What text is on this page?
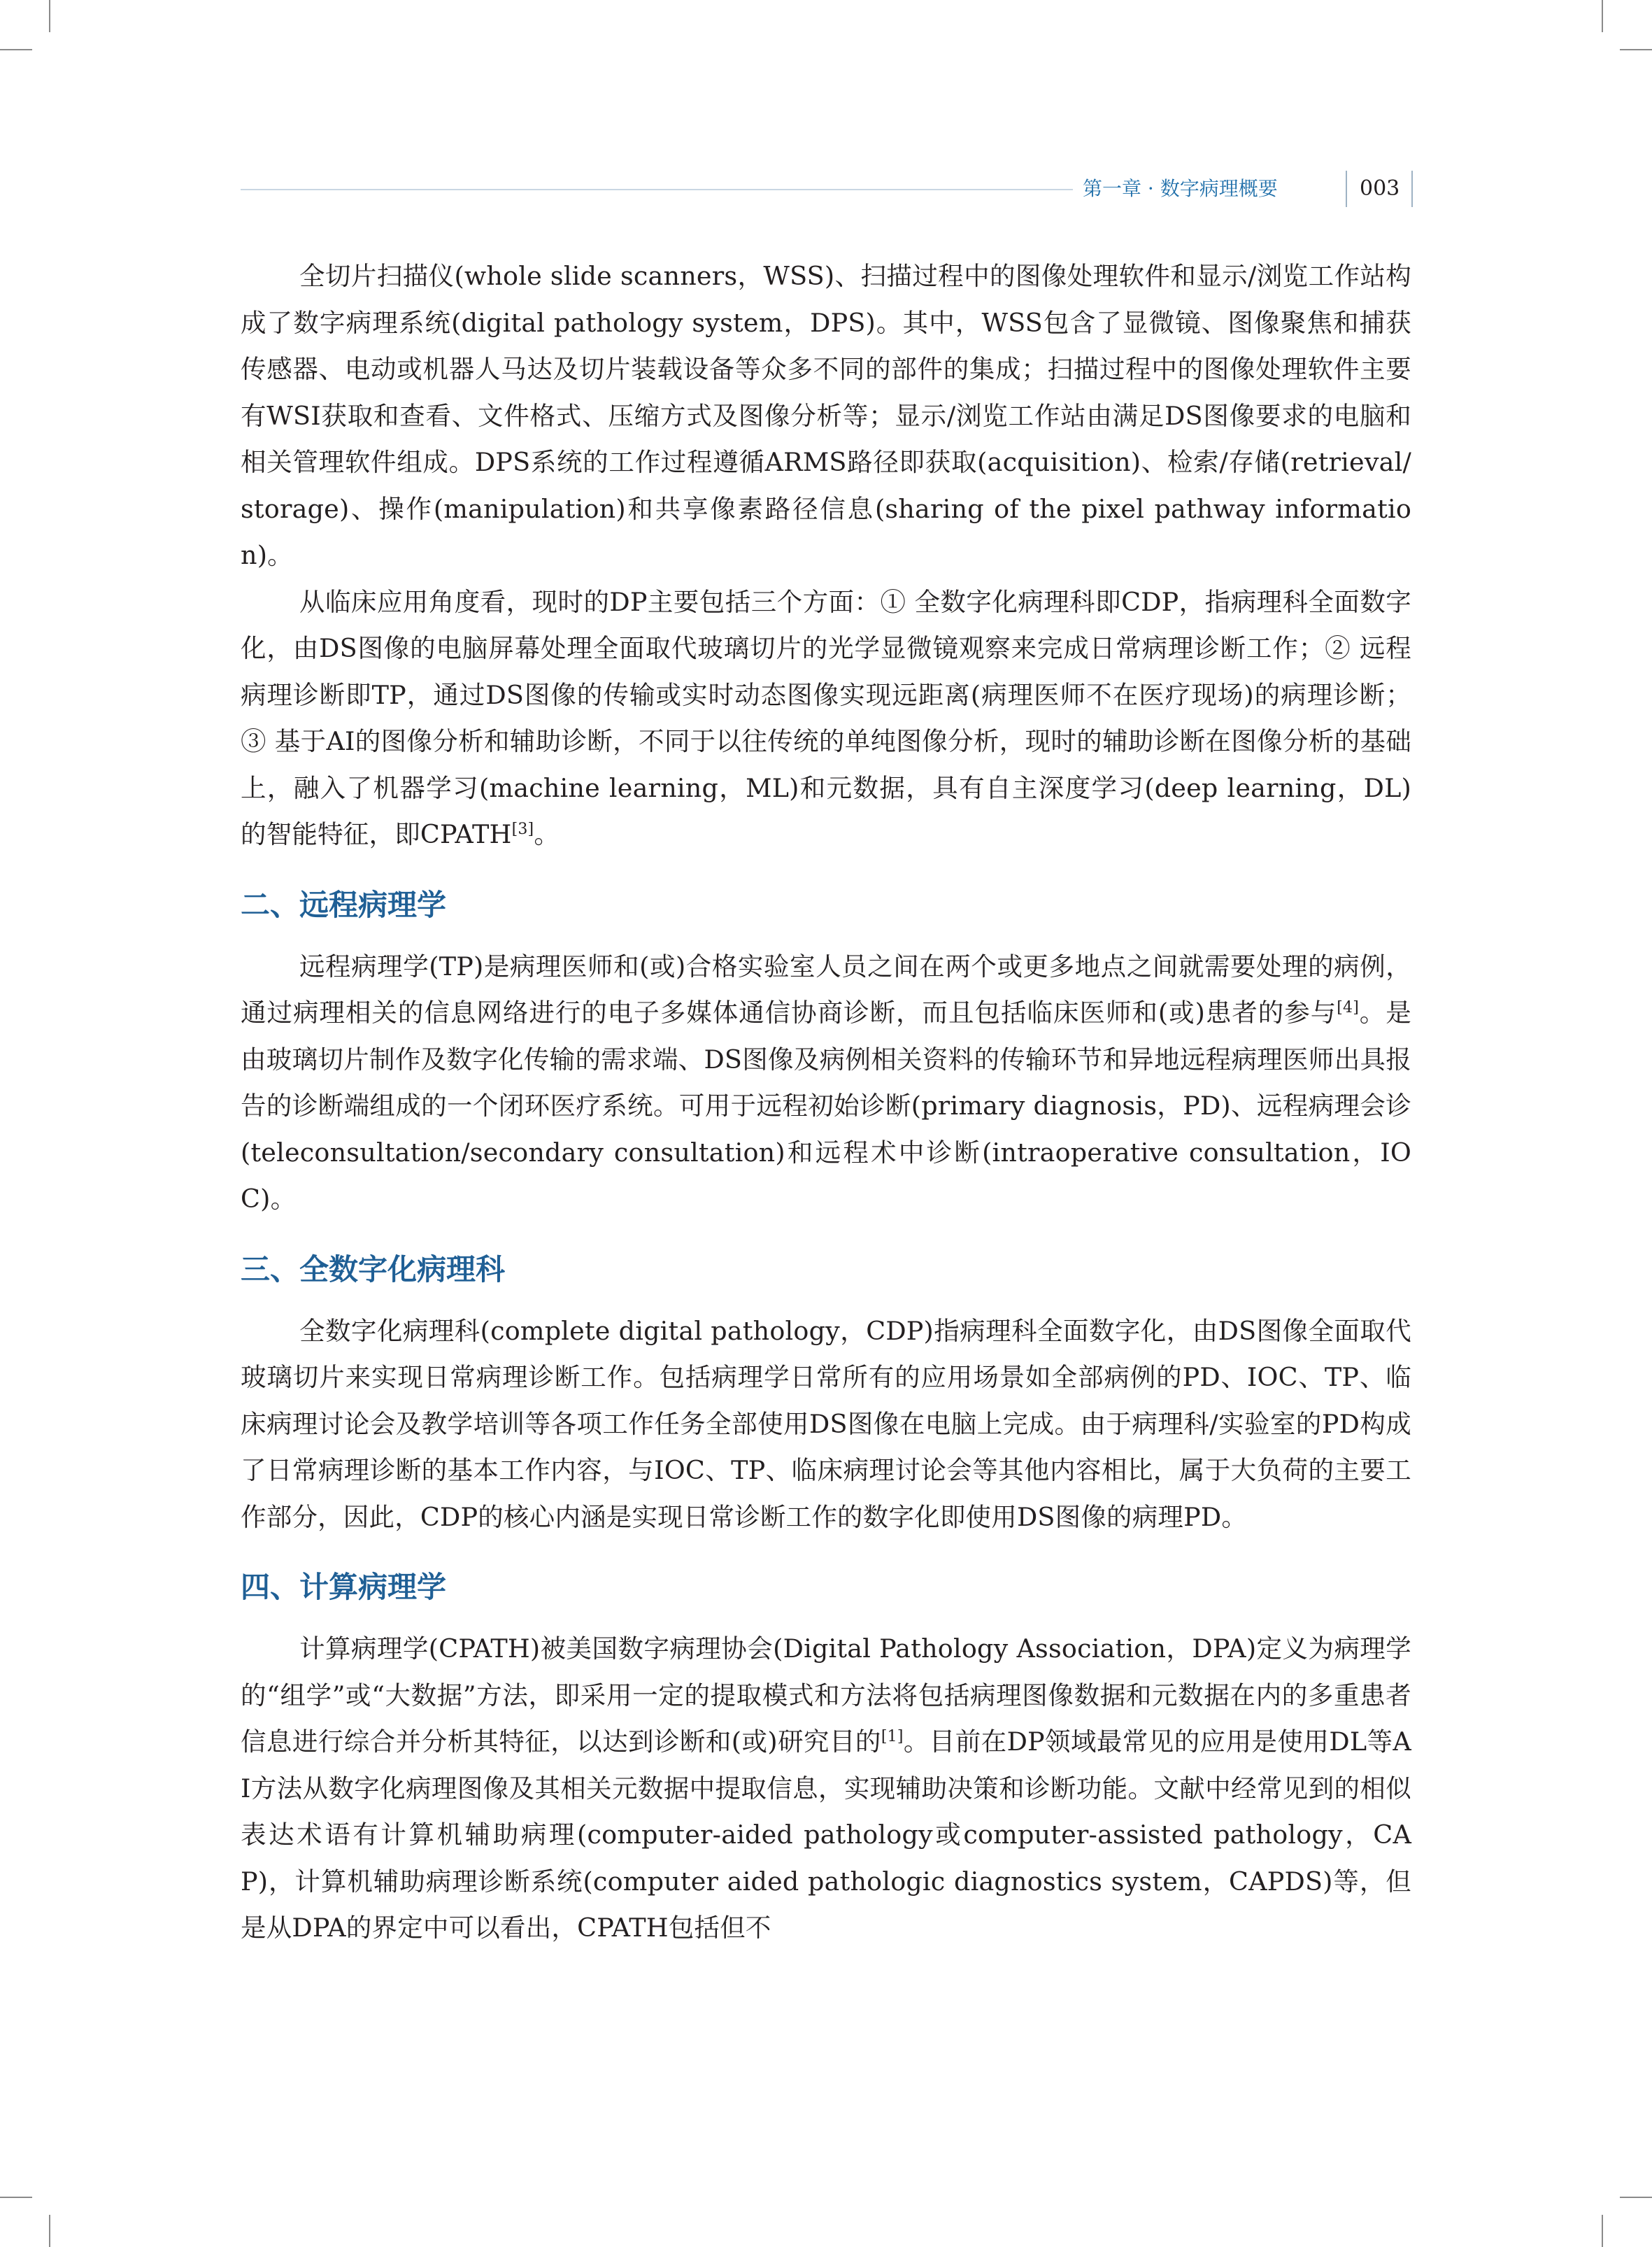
第一章 · 数字病理概要	003

全切片扫描仪(whole slide scanners，WSS)、扫描过程中的图像处理软件和显示/浏览工作站构成了数字病理系统(digital pathology system，DPS)。其中，WSS包含了显微镜、图像聚焦和捕获传感器、电动或机器人马达及切片装载设备等众多不同的部件的集成；扫描过程中的图像处理软件主要有WSI获取和查看、文件格式、压缩方式及图像分析等；显示/浏览工作站由满足DS图像要求的电脑和相关管理软件组成。DPS系统的工作过程遵循ARMS路径即获取(acquisition)、检索/存储(retrieval/storage)、操作(manipulation)和共享像素路径信息(sharing of the pixel pathway information)。

从临床应用角度看，现时的DP主要包括三个方面：① 全数字化病理科即CDP，指病理科全面数字化，由DS图像的电脑屏幕处理全面取代玻璃切片的光学显微镜观察来完成日常病理诊断工作；② 远程病理诊断即TP，通过DS图像的传输或实时动态图像实现远距离(病理医师不在医疗现场)的病理诊断；③ 基于AI的图像分析和辅助诊断，不同于以往传统的单纯图像分析，现时的辅助诊断在图像分析的基础上，融入了机器学习(machine learning，ML)和元数据，具有自主深度学习(deep learning，DL)的智能特征，即CPATH[3]。

二、远程病理学

远程病理学(TP)是病理医师和(或)合格实验室人员之间在两个或更多地点之间就需要处理的病例，通过病理相关的信息网络进行的电子多媒体通信协商诊断，而且包括临床医师和(或)患者的参与[4]。是由玻璃切片制作及数字化传输的需求端、DS图像及病例相关资料的传输环节和异地远程病理医师出具报告的诊断端组成的一个闭环医疗系统。可用于远程初始诊断(primary diagnosis，PD)、远程病理会诊(teleconsultation/secondary consultation)和远程术中诊断(intraoperative consultation，IOC)。

三、全数字化病理科

全数字化病理科(complete digital pathology，CDP)指病理科全面数字化，由DS图像全面取代玻璃切片来实现日常病理诊断工作。包括病理学日常所有的应用场景如全部病例的PD、IOC、TP、临床病理讨论会及教学培训等各项工作任务全部使用DS图像在电脑上完成。由于病理科/实验室的PD构成了日常病理诊断的基本工作内容，与IOC、TP、临床病理讨论会等其他内容相比，属于大负荷的主要工作部分，因此，CDP的核心内涵是实现日常诊断工作的数字化即使用DS图像的病理PD。

四、计算病理学

计算病理学(CPATH)被美国数字病理协会(Digital Pathology Association，DPA)定义为病理学的“组学”或“大数据”方法，即采用一定的提取模式和方法将包括病理图像数据和元数据在内的多重患者信息进行综合并分析其特征，以达到诊断和(或)研究目的[1]。目前在DP领域最常见的应用是使用DL等AI方法从数字化病理图像及其相关元数据中提取信息，实现辅助决策和诊断功能。文献中经常见到的相似表达术语有计算机辅助病理(computer-aided pathology或computer-assisted pathology，CAP)，计算机辅助病理诊断系统(computer aided pathologic diagnostics system，CAPDS)等，但是从DPA的界定中可以看出，CPATH包括但不
